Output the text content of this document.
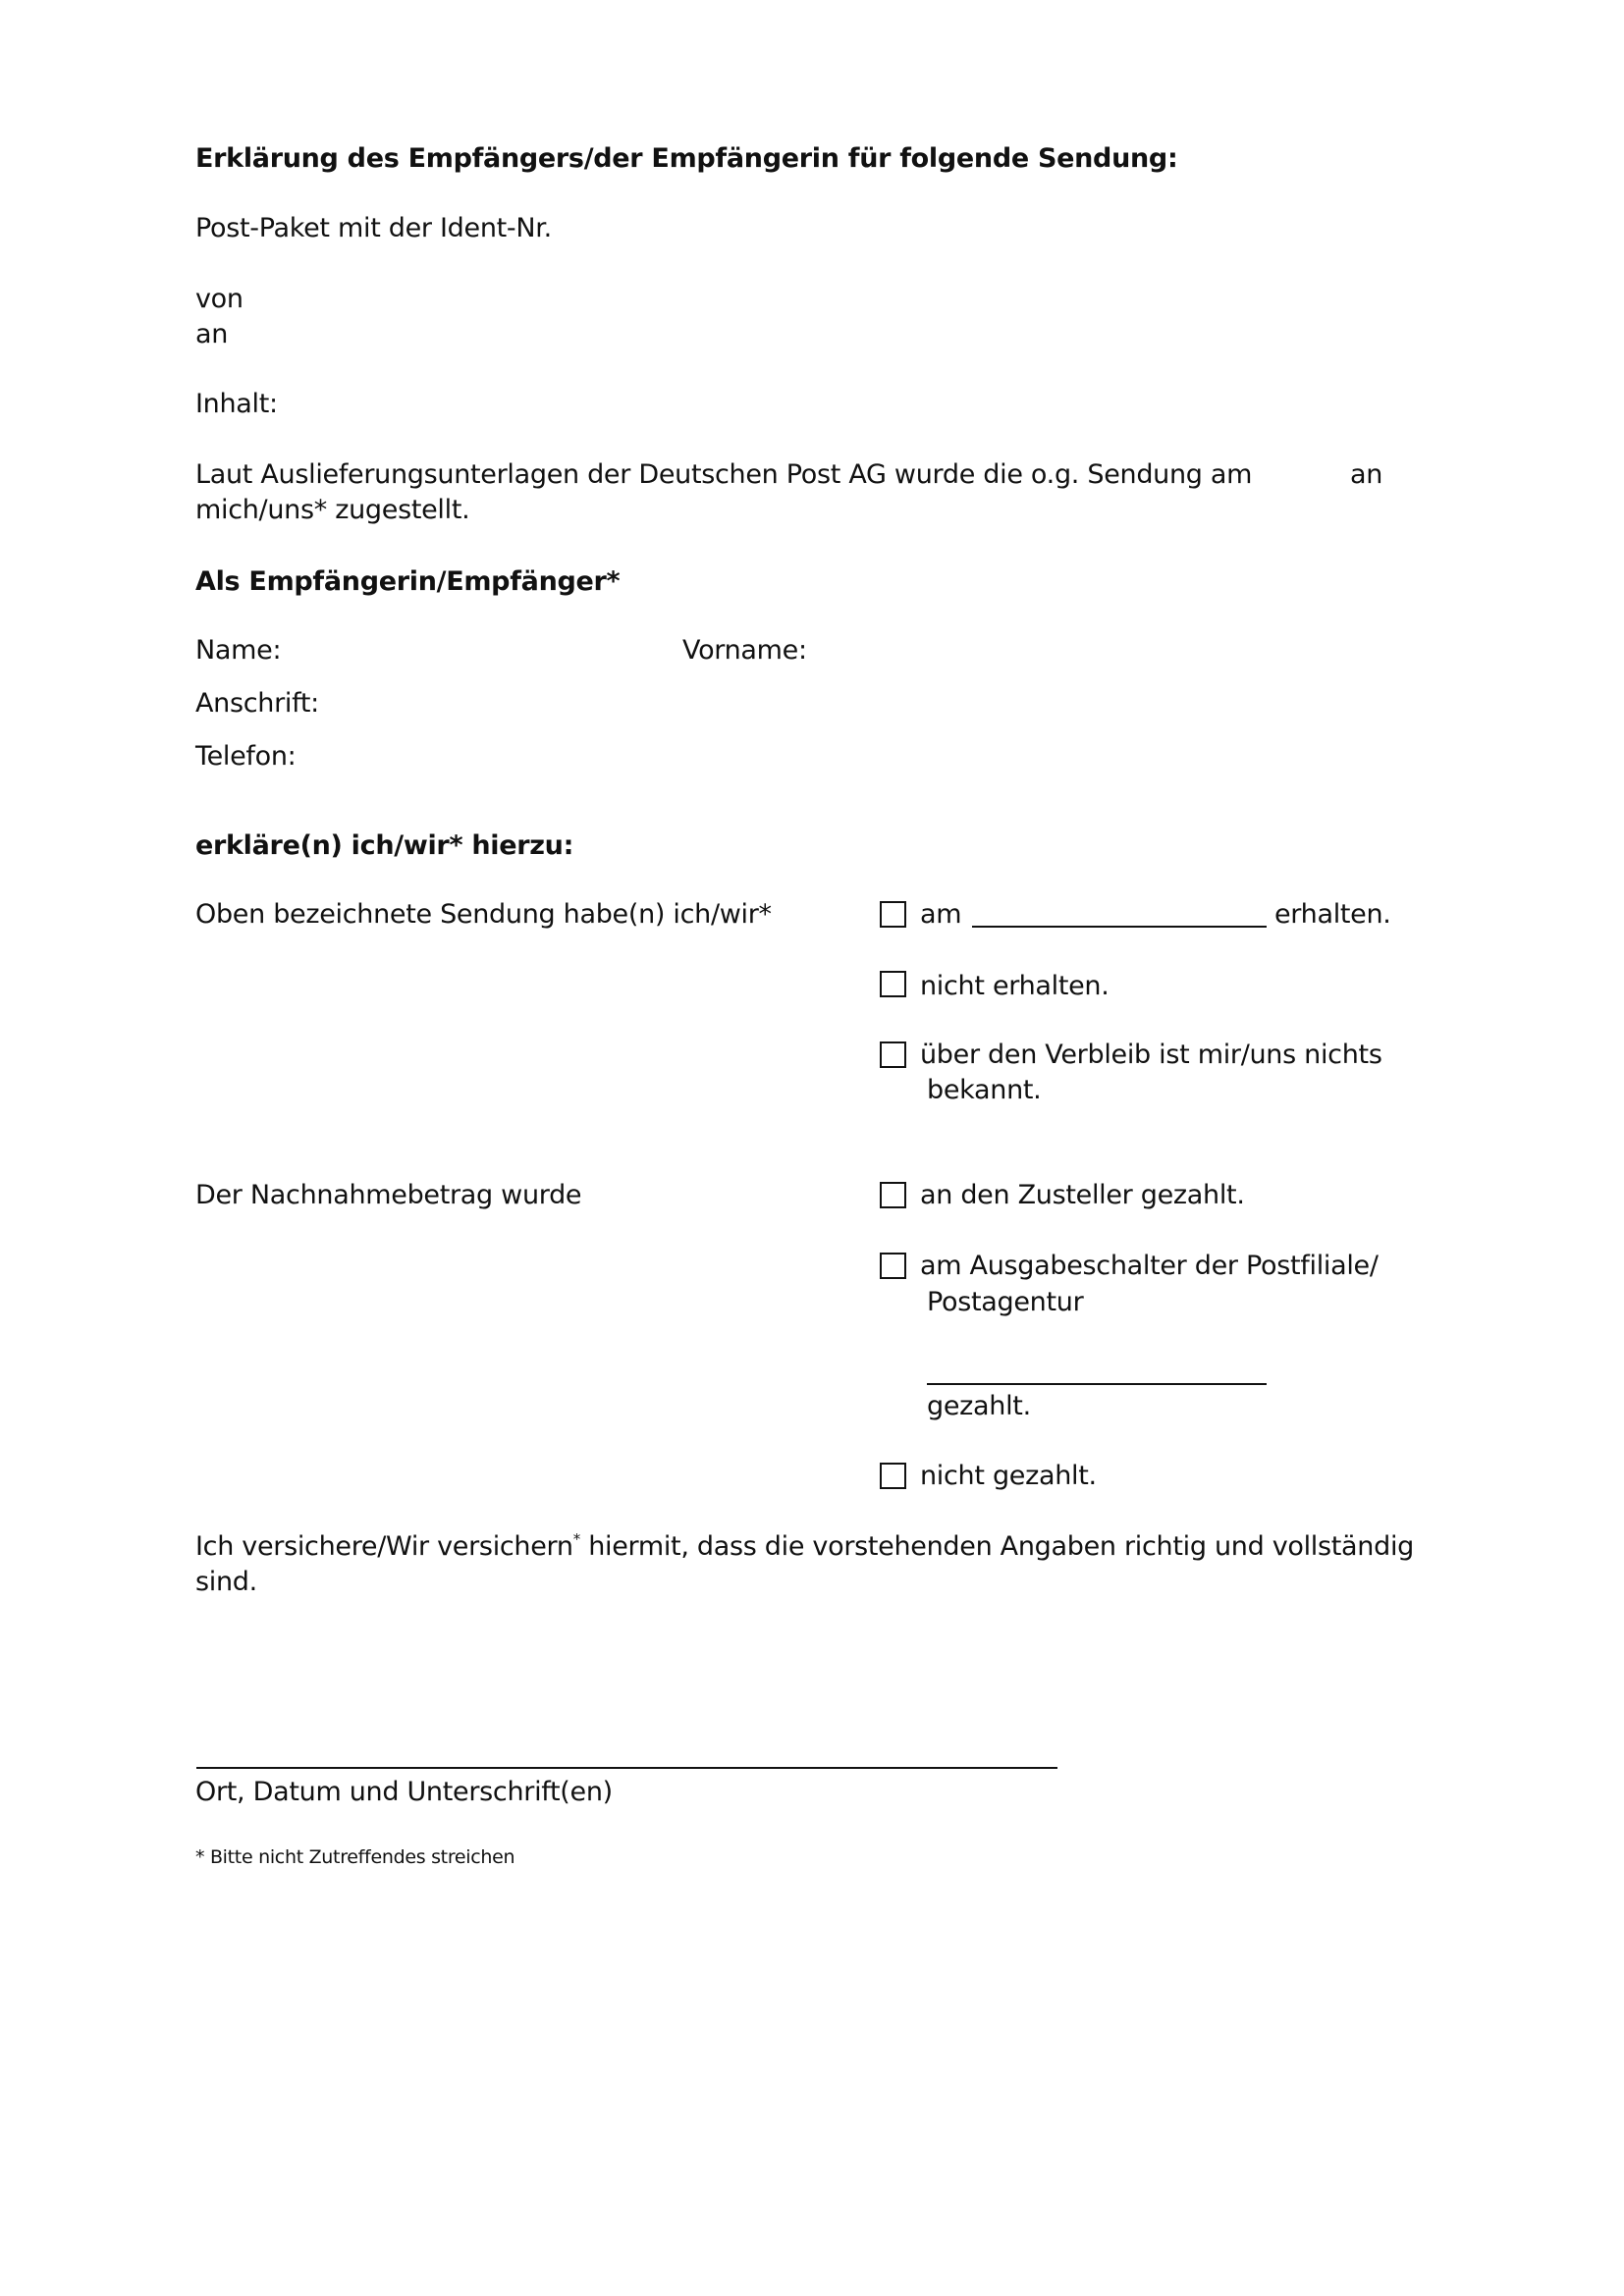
Erklärung des Empfängers/der Empfängerin für folgende Sendung:
Post-Paket mit der Ident-Nr.
von
an
Inhalt:
Laut Auslieferungsunterlagen der Deutschen Post AG wurde die o.g. Sendung am	an
mich/uns* zugestellt.
Als Empfängerin/Empfänger*
Name:	Vorname:
Anschrift:
Telefon:
erkläre(n) ich/wir* hierzu:
Oben bezeichnete Sendung habe(n) ich/wir*	am	erhalten.
nicht erhalten.
über den Verbleib ist mir/uns nichts
bekannt.
Der Nachnahmebetrag wurde	an den Zusteller gezahlt.
am Ausgabeschalter der Postfiliale/
Postagentur
gezahlt.
nicht gezahlt.
Ich versichere/Wir versichern* hiermit, dass die vorstehenden Angaben richtig und vollständig
sind.
Ort, Datum und Unterschrift(en)
* Bitte nicht Zutreffendes streichen
